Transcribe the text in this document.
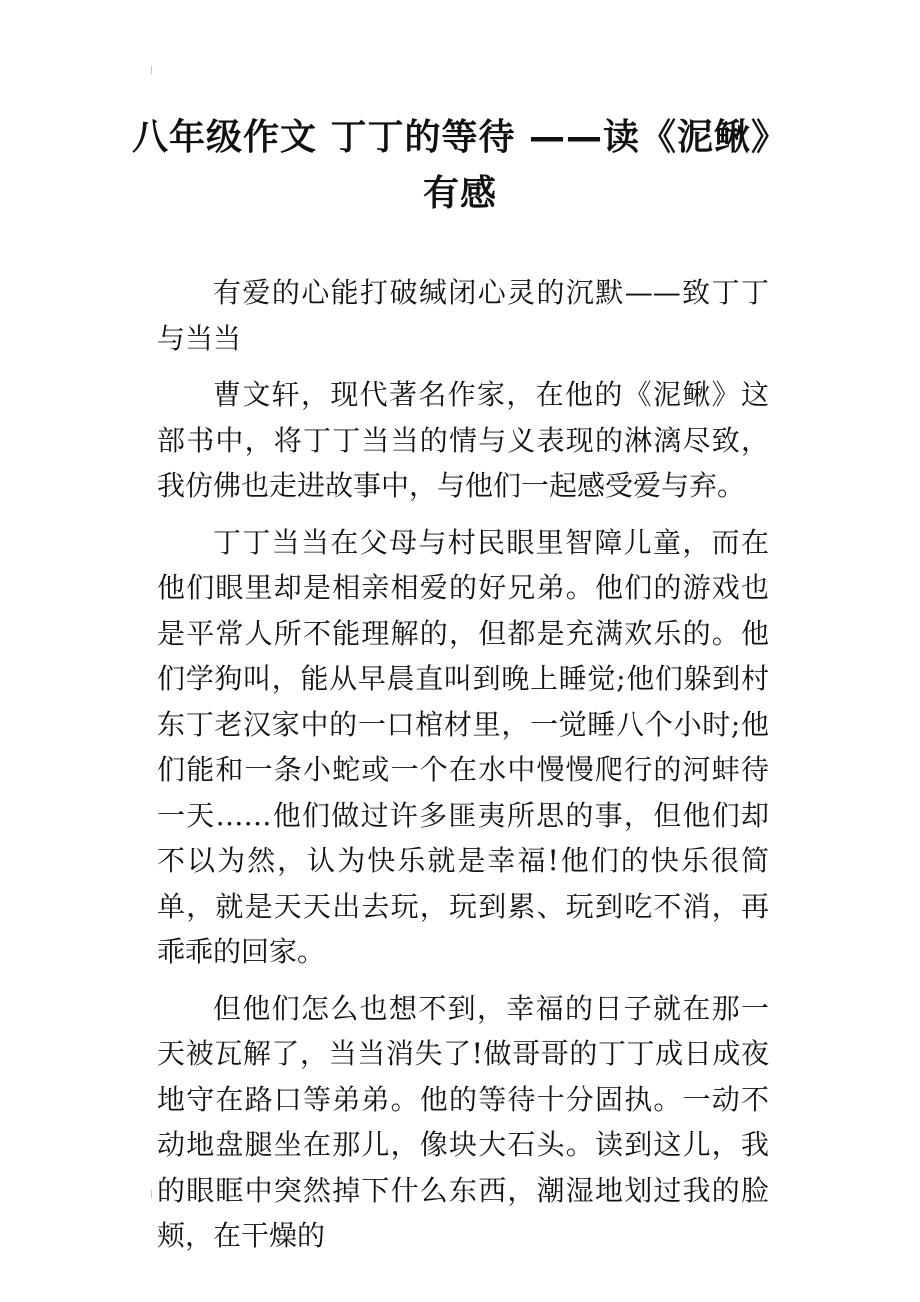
八年级作文 丁丁的等待 ——读《泥鳅》有感

有爱的心能打破缄闭心灵的沉默——致丁丁与当当

曹文轩，现代著名作家，在他的《泥鳅》这部书中，将丁丁当当的情与义表现的淋漓尽致，我仿佛也走进故事中，与他们一起感受爱与弃。

丁丁当当在父母与村民眼里智障儿童，而在他们眼里却是相亲相爱的好兄弟。他们的游戏也是平常人所不能理解的，但都是充满欢乐的。他们学狗叫，能从早晨直叫到晚上睡觉;他们躲到村东丁老汉家中的一口棺材里，一觉睡八个小时;他们能和一条小蛇或一个在水中慢慢爬行的河蚌待一天……他们做过许多匪夷所思的事，但他们却不以为然，认为快乐就是幸福!他们的快乐很简单，就是天天出去玩，玩到累、玩到吃不消，再乖乖的回家。

但他们怎么也想不到，幸福的日子就在那一天被瓦解了，当当消失了!做哥哥的丁丁成日成夜地守在路口等弟弟。他的等待十分固执。一动不动地盘腿坐在那儿，像块大石头。读到这儿，我的眼眶中突然掉下什么东西，潮湿地划过我的脸颊，在干燥的
